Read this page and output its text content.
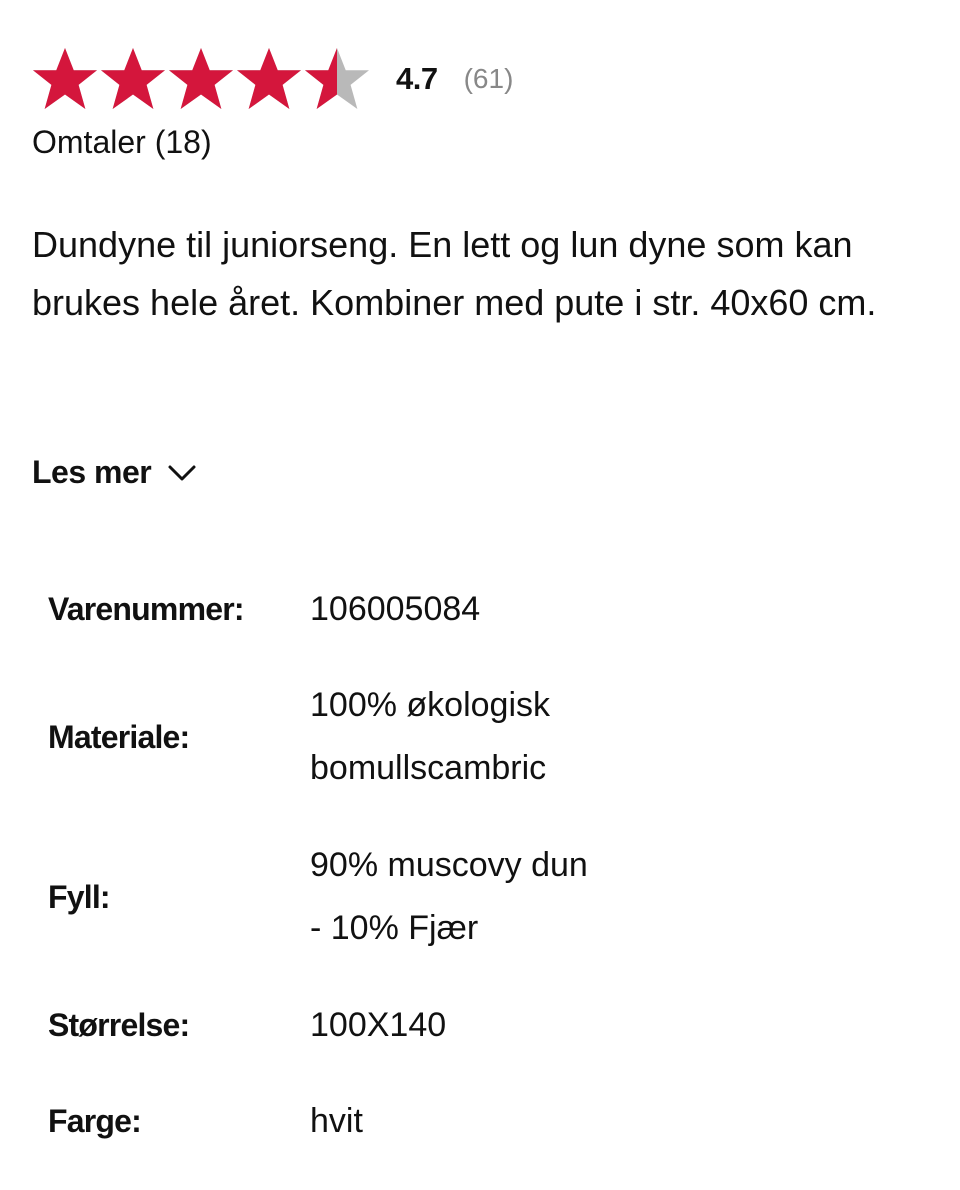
4.7 (61)
Omtaler (18)

Dundyne til juniorseng. En lett og lun dyne som kan brukes hele året. Kombiner med pute i str. 40x60 cm.

Les mer
Varenummer:	106005084
Materiale:
100% økologisk
bomullscambric
Fyll:
90% muscovy dun
- 10% Fjær
Størrelse:	100X140
Farge:	hvit
